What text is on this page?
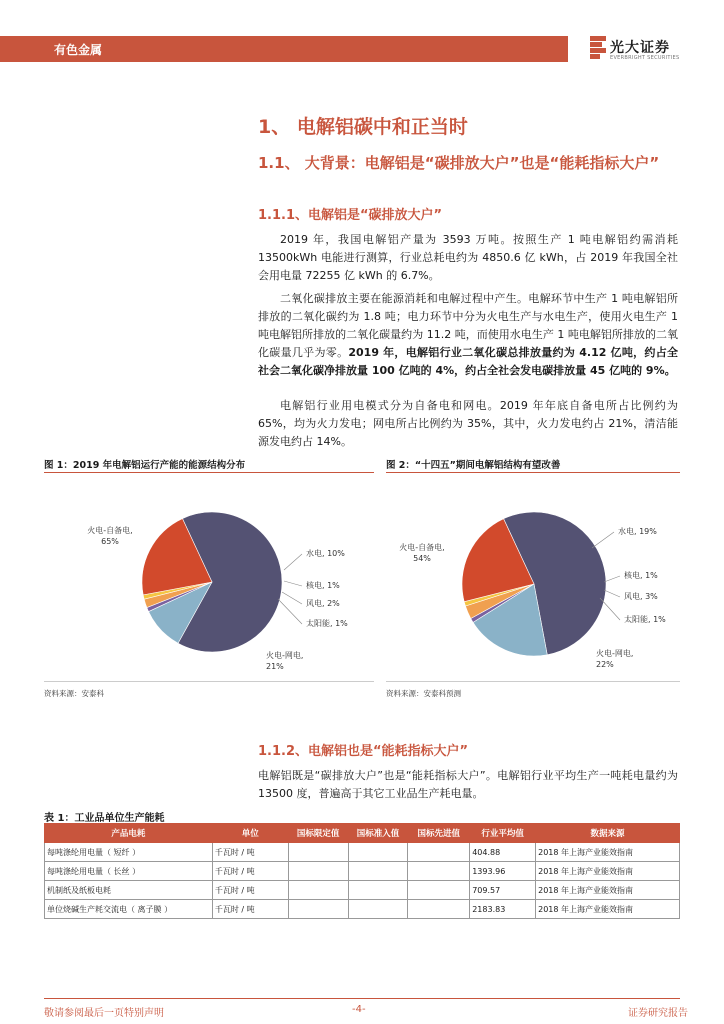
有色金属	光大证券
EVERBRIGHT SECURITIES
1、 电解铝碳中和正当时
1.1、 大背景：电解铝是“碳排放大户”也是“能耗指标大户”
1.1.1、电解铝是“碳排放大户”
2019 年，我国电解铝产量为 3593 万吨。按照生产 1 吨电解铝约需消耗 13500kWh 电能进行测算，行业总耗电约为 4850.6 亿 kWh，占 2019 年我国全社会用电量 72255 亿 kWh 的 6.7%。
二氧化碳排放主要在能源消耗和电解过程中产生。电解环节中生产 1 吨电解铝所排放的二氧化碳约为 1.8 吨；电力环节中分为火电生产与水电生产，使用火电生产 1 吨电解铝所排放的二氧化碳量约为 11.2 吨，而使用水电生产 1 吨电解铝所排放的二氧化碳量几乎为零。2019 年，电解铝行业二氧化碳总排放量约为 4.12 亿吨，约占全社会二氧化碳净排放量 100 亿吨的 4%，约占全社会发电碳排放量 45 亿吨的 9%。
电解铝行业用电模式分为自备电和网电。2019 年年底自备电所占比例约为 65%，均为火力发电；网电所占比例约为 35%，其中，火力发电约占 21%，清洁能源发电约占 14%。
图 1：2019 年电解铝运行产能的能源结构分布	图 2：“十四五”期间电解铝结构有望改善
火电-自备电,
65%
水电, 10%
核电, 1%
风电, 2%
太阳能, 1%
火电-网电,
21%
火电-自备电,
54%
水电, 19%
核电, 1%
风电, 3%
太阳能, 1%
火电-网电,
22%
资料来源：安泰科	资料来源：安泰科预测
1.1.2、电解铝也是“能耗指标大户”
电解铝既是“碳排放大户”也是“能耗指标大户”。电解铝行业平均生产一吨耗电量约为 13500 度，普遍高于其它工业品生产耗电量。
表 1：工业品单位生产能耗
产品电耗	单位	国标限定值	国标准入值	国标先进值	行业平均值	数据来源
每吨涤纶用电量（ 短纤 ）	千瓦时 / 吨				404.88	2018 年上海产业能效指南
每吨涤纶用电量（ 长丝 ）	千瓦时 / 吨				1393.96	2018 年上海产业能效指南
机制纸及纸板电耗	千瓦时 / 吨				709.57	2018 年上海产业能效指南
单位烧碱生产耗交流电（ 离子膜 ）	千瓦时 / 吨				2183.83	2018 年上海产业能效指南
敬请参阅最后一页特别声明	-4-	证券研究报告
